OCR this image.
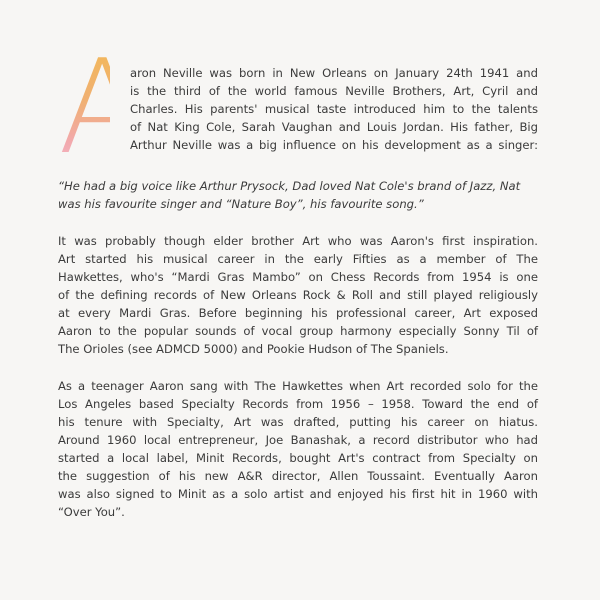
A
aron Neville was born in New Orleans on January 24th 1941 and
is the third of the world famous Neville Brothers, Art, Cyril and
Charles. His parents' musical taste introduced him to the talents
of Nat King Cole, Sarah Vaughan and Louis Jordan. His father, Big
Arthur Neville was a big influence on his development as a singer:
“He had a big voice like Arthur Prysock, Dad loved Nat Cole's brand of Jazz, Nat
was his favourite singer and “Nature Boy”, his favourite song.”
It was probably though elder brother Art who was Aaron's first inspiration.
Art started his musical career in the early Fifties as a member of The
Hawkettes, who's “Mardi Gras Mambo” on Chess Records from 1954 is one
of the defining records of New Orleans Rock & Roll and still played religiously
at every Mardi Gras. Before beginning his professional career, Art exposed
Aaron to the popular sounds of vocal group harmony especially Sonny Til of
The Orioles (see ADMCD 5000) and Pookie Hudson of The Spaniels.
As a teenager Aaron sang with The Hawkettes when Art recorded solo for the
Los Angeles based Specialty Records from 1956 – 1958. Toward the end of
his tenure with Specialty, Art was drafted, putting his career on hiatus.
Around 1960 local entrepreneur, Joe Banashak, a record distributor who had
started a local label, Minit Records, bought Art's contract from Specialty on
the suggestion of his new A&R director, Allen Toussaint. Eventually Aaron
was also signed to Minit as a solo artist and enjoyed his first hit in 1960 with
“Over You”.
